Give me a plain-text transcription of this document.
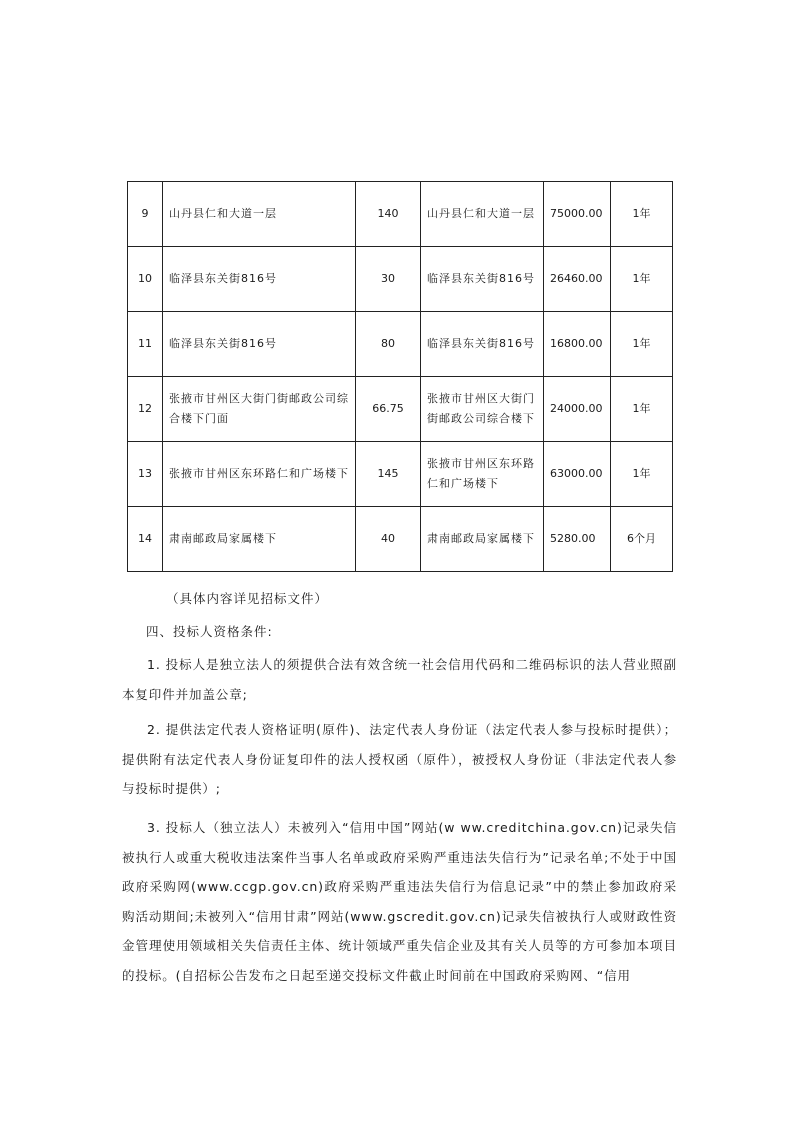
9	山丹县仁和大道一层	140	山丹县仁和大道一层	75000.00	1年
10	临泽县东关街816号	30	临泽县东关街816号	26460.00	1年
11	临泽县东关街816号	80	临泽县东关街816号	16800.00	1年
12	张掖市甘州区大街门街邮政公司综合楼下门面	66.75	张掖市甘州区大街门街邮政公司综合楼下	24000.00	1年
13	张掖市甘州区东环路仁和广场楼下	145	张掖市甘州区东环路仁和广场楼下	63000.00	1年
14	肃南邮政局家属楼下	40	肃南邮政局家属楼下	5280.00	6个月
（具体内容详见招标文件）
四、投标人资格条件:

1. 投标人是独立法人的须提供合法有效含统一社会信用代码和二维码标识的法人营业照副本复印件并加盖公章;

2. 提供法定代表人资格证明(原件)、法定代表人身份证（法定代表人参与投标时提供）；提供附有法定代表人身份证复印件的法人授权函（原件），被授权人身份证（非法定代表人参与投标时提供）;

3. 投标人（独立法人）未被列入“信用中国”网站(w ww.creditchina.gov.cn)记录失信被执行人或重大税收违法案件当事人名单或政府采购严重违法失信行为”记录名单;不处于中国政府采购网(www.ccgp.gov.cn)政府采购严重违法失信行为信息记录”中的禁止参加政府采购活动期间;未被列入“信用甘肃”网站(www.gscredit.gov.cn)记录失信被执行人或财政性资金管理使用领域相关失信责任主体、统计领域严重失信企业及其有关人员等的方可参加本项目的投标。(自招标公告发布之日起至递交投标文件截止时间前在中国政府采购网、“信用
